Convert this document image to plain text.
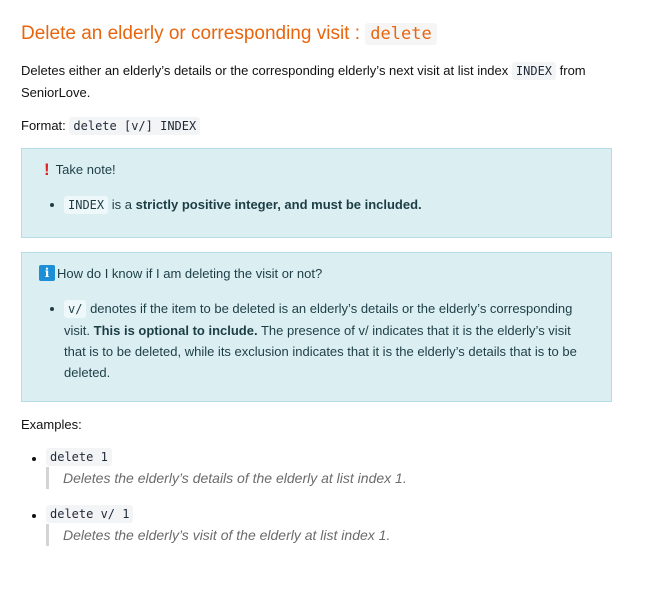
Delete an elderly or corresponding visit : delete

Deletes either an elderly’s details or the corresponding elderly’s next visit at list index INDEX from SeniorLove.

Format: delete [v/] INDEX

! Take note!
INDEX is a strictly positive integer, and must be included.
i How do I know if I am deleting the visit or not?
v/ denotes if the item to be deleted is an elderly’s details or the elderly’s corresponding visit. This is optional to include. The presence of v/ indicates that it is the elderly’s visit that is to be deleted, while its exclusion indicates that it is the elderly’s details that is to be deleted.

Examples:

delete 1
Deletes the elderly’s details of the elderly at list index 1.
delete v/ 1
Deletes the elderly’s visit of the elderly at list index 1.
